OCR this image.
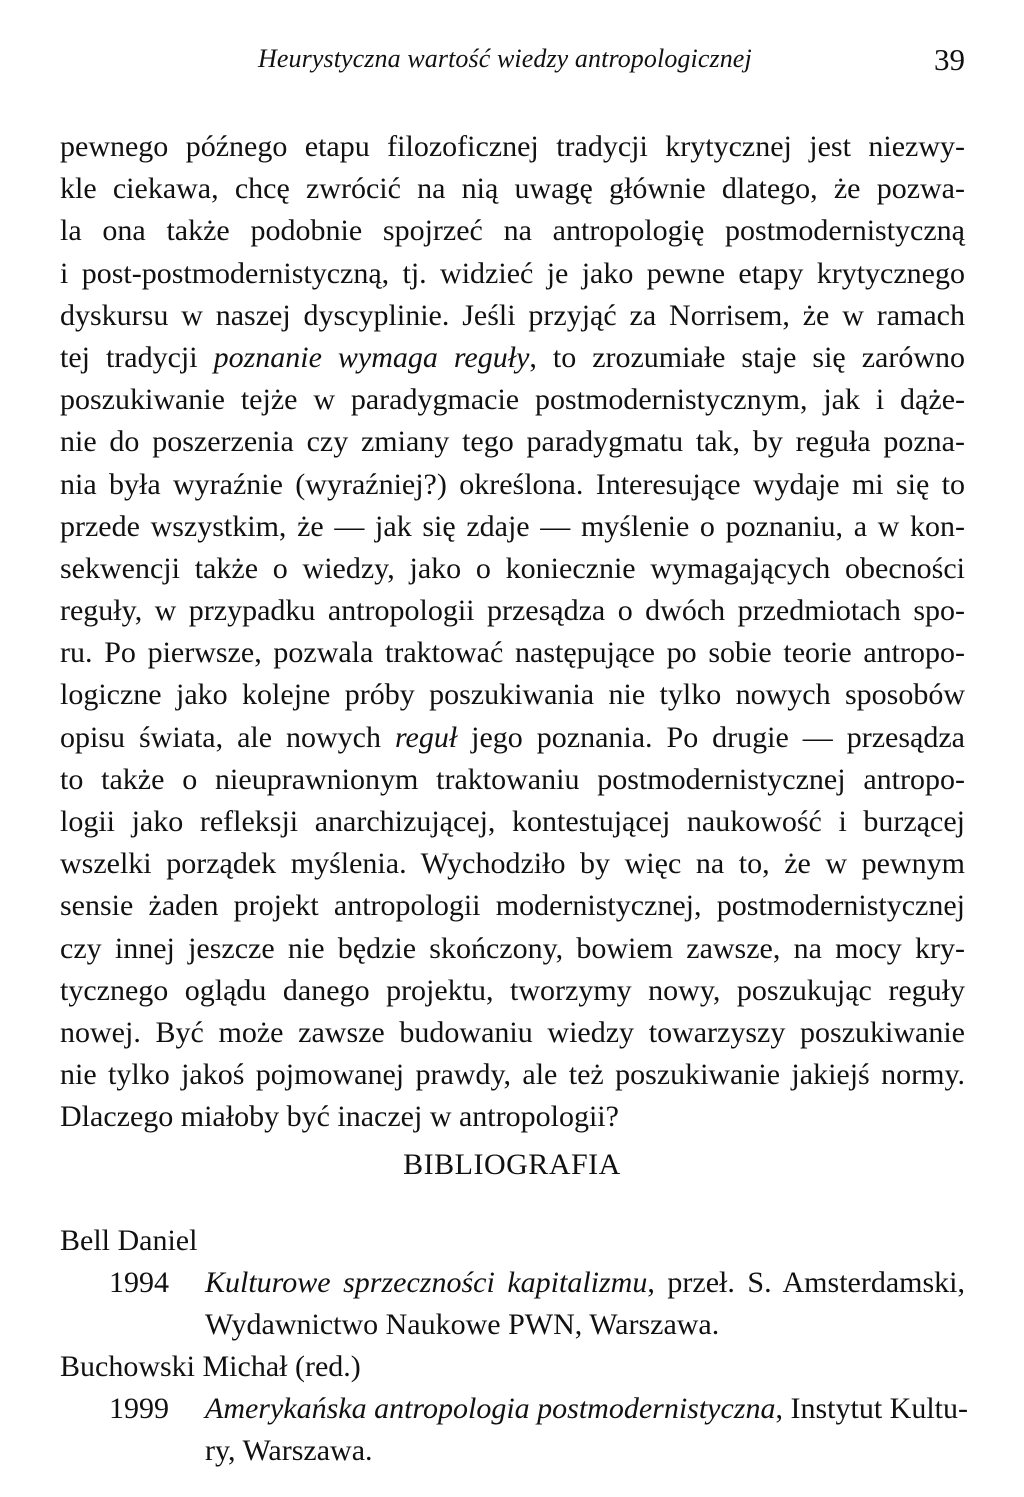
Heurystyczna wartość wiedzy antropologicznej	39
pewnego późnego etapu filozoficznej tradycji krytycznej jest niezwy-
kle ciekawa, chcę zwrócić na nią uwagę głównie dlatego, że pozwa-
la ona także podobnie spojrzeć na antropologię postmodernistyczną
i post-postmodernistyczną, tj. widzieć je jako pewne etapy krytycznego
dyskursu w naszej dyscyplinie. Jeśli przyjąć za Norrisem, że w ramach
tej tradycji poznanie wymaga reguły, to zrozumiałe staje się zarówno
poszukiwanie tejże w paradygmacie postmodernistycznym, jak i dąże-
nie do poszerzenia czy zmiany tego paradygmatu tak, by reguła pozna-
nia była wyraźnie (wyraźniej?) określona. Interesujące wydaje mi się to
przede wszystkim, że — jak się zdaje — myślenie o poznaniu, a w kon-
sekwencji także o wiedzy, jako o koniecznie wymagających obecności
reguły, w przypadku antropologii przesądza o dwóch przedmiotach spo-
ru. Po pierwsze, pozwala traktować następujące po sobie teorie antropo-
logiczne jako kolejne próby poszukiwania nie tylko nowych sposobów
opisu świata, ale nowych reguł jego poznania. Po drugie — przesądza
to także o nieuprawnionym traktowaniu postmodernistycznej antropo-
logii jako refleksji anarchizującej, kontestującej naukowość i burzącej
wszelki porządek myślenia. Wychodziło by więc na to, że w pewnym
sensie żaden projekt antropologii modernistycznej, postmodernistycznej
czy innej jeszcze nie będzie skończony, bowiem zawsze, na mocy kry-
tycznego oglądu danego projektu, tworzymy nowy, poszukując reguły
nowej. Być może zawsze budowaniu wiedzy towarzyszy poszukiwanie
nie tylko jakoś pojmowanej prawdy, ale też poszukiwanie jakiejś normy.
Dlaczego miałoby być inaczej w antropologii?
BIBLIOGRAFIA
Bell Daniel
1994 Kulturowe sprzeczności kapitalizmu, przeł. S. Amsterdamski,
Wydawnictwo Naukowe PWN, Warszawa.
Buchowski Michał (red.)
1999 Amerykańska antropologia postmodernistyczna, Instytut Kultu-
ry, Warszawa.
